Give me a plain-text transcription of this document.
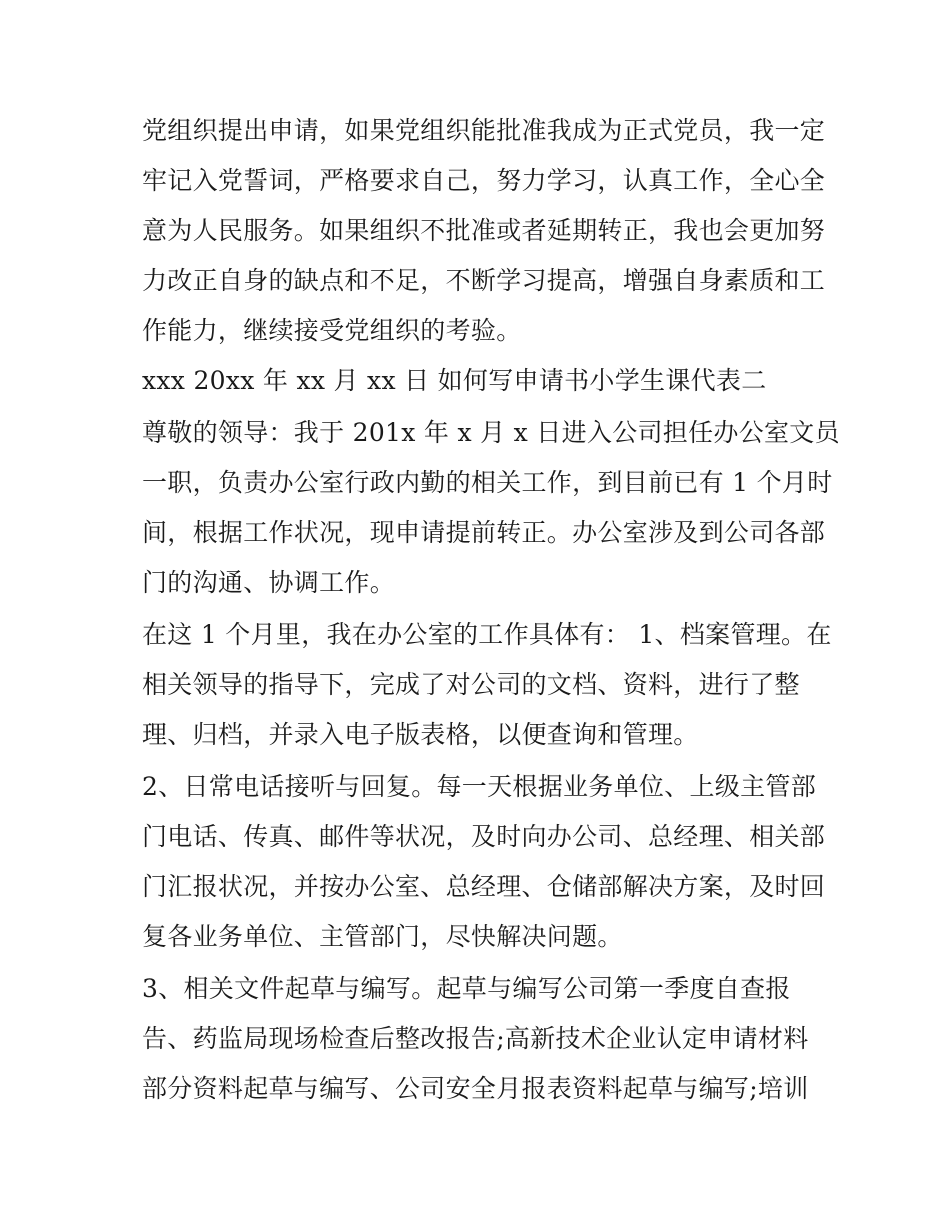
党组织提出申请，如果党组织能批准我成为正式党员，我一定
牢记入党誓词，严格要求自己，努力学习，认真工作，全心全
意为人民服务。如果组织不批准或者延期转正，我也会更加努
力改正自身的缺点和不足，不断学习提高，增强自身素质和工
作能力，继续接受党组织的考验。
xxx 20xx 年 xx 月 xx 日 如何写申请书小学生课代表二
尊敬的领导：我于 201x 年 x 月 x 日进入公司担任办公室文员
一职，负责办公室行政内勤的相关工作，到目前已有 1 个月时
间，根据工作状况，现申请提前转正。办公室涉及到公司各部
门的沟通、协调工作。
在这 1 个月里，我在办公室的工作具体有： 1、档案管理。在
相关领导的指导下，完成了对公司的文档、资料，进行了整
理、归档，并录入电子版表格，以便查询和管理。
2、日常电话接听与回复。每一天根据业务单位、上级主管部
门电话、传真、邮件等状况，及时向办公司、总经理、相关部
门汇报状况，并按办公室、总经理、仓储部解决方案，及时回
复各业务单位、主管部门，尽快解决问题。
3、相关文件起草与编写。起草与编写公司第一季度自查报
告、药监局现场检查后整改报告;高新技术企业认定申请材料
部分资料起草与编写、公司安全月报表资料起草与编写;培训
